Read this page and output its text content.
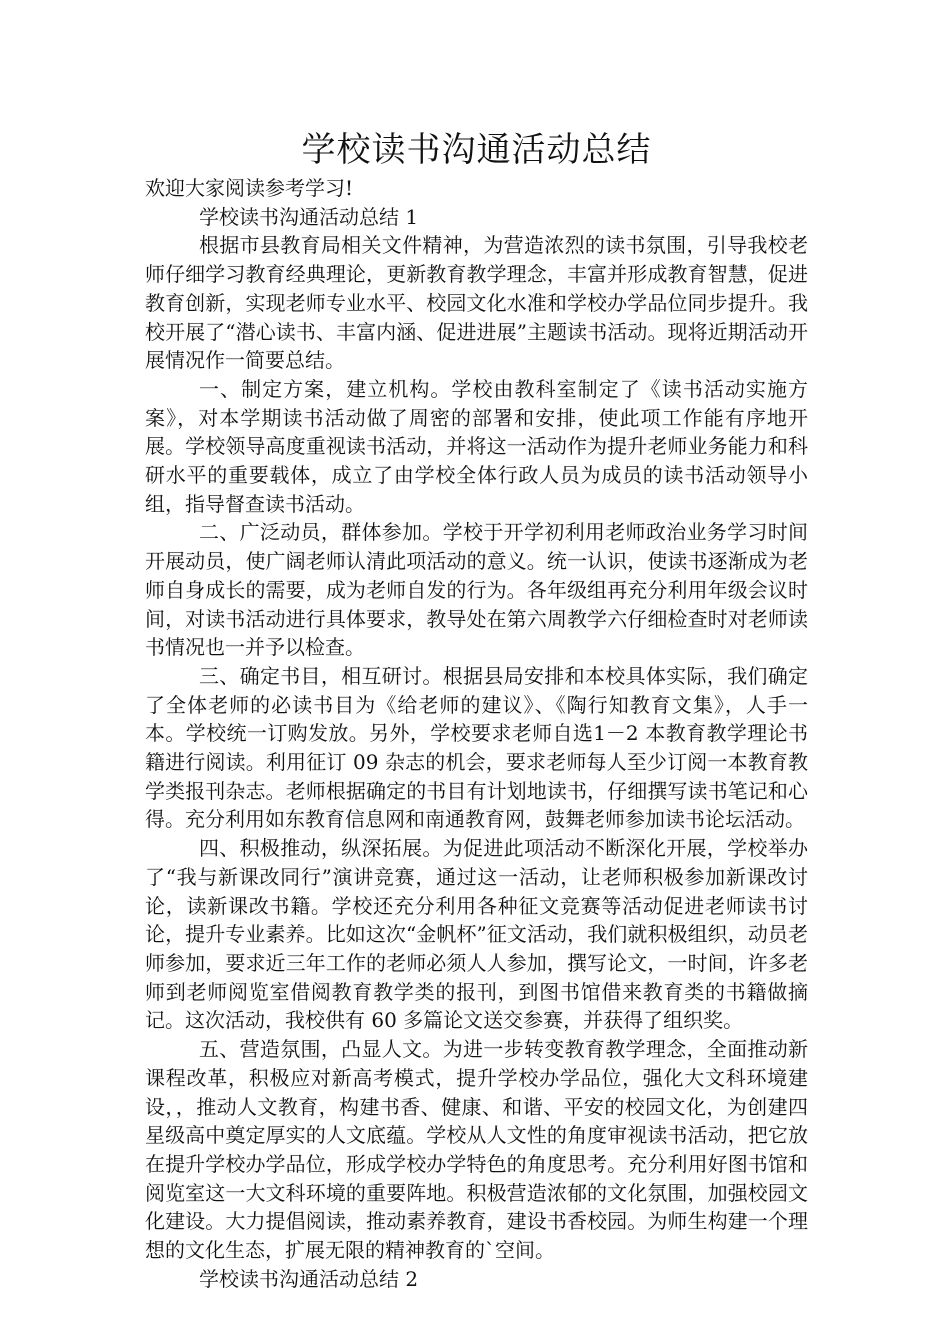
学校读书沟通活动总结

欢迎大家阅读参考学习!

学校读书沟通活动总结 1

根据市县教育局相关文件精神，为营造浓烈的读书氛围，引导我校老师仔细学习教育经典理论，更新教育教学理念，丰富并形成教育智慧，促进教育创新，实现老师专业水平、校园文化水准和学校办学品位同步提升。我校开展了“潜心读书、丰富内涵、促进进展”主题读书活动。现将近期活动开展情况作一简要总结。

一、制定方案，建立机构。学校由教科室制定了《读书活动实施方案》，对本学期读书活动做了周密的部署和安排，使此项工作能有序地开展。学校领导高度重视读书活动，并将这一活动作为提升老师业务能力和科研水平的重要载体，成立了由学校全体行政人员为成员的读书活动领导小组，指导督查读书活动。

二、广泛动员，群体参加。学校于开学初利用老师政治业务学习时间开展动员，使广阔老师认清此项活动的意义。统一认识，使读书逐渐成为老师自身成长的需要，成为老师自发的行为。各年级组再充分利用年级会议时间，对读书活动进行具体要求，教导处在第六周教学六仔细检查时对老师读书情况也一并予以检查。

三、确定书目，相互研讨。根据县局安排和本校具体实际，我们确定了全体老师的必读书目为《给老师的建议》、《陶行知教育文集》，人手一本。学校统一订购发放。另外，学校要求老师自选1－2 本教育教学理论书籍进行阅读。利用征订 09 杂志的机会，要求老师每人至少订阅一本教育教学类报刊杂志。老师根据确定的书目有计划地读书，仔细撰写读书笔记和心得。充分利用如东教育信息网和南通教育网，鼓舞老师参加读书论坛活动。

四、积极推动，纵深拓展。为促进此项活动不断深化开展，学校举办了“我与新课改同行”演讲竞赛，通过这一活动，让老师积极参加新课改讨论，读新课改书籍。学校还充分利用各种征文竞赛等活动促进老师读书讨论，提升专业素养。比如这次“金帆杯”征文活动，我们就积极组织，动员老师参加，要求近三年工作的老师必须人人参加，撰写论文，一时间，许多老师到老师阅览室借阅教育教学类的报刊，到图书馆借来教育类的书籍做摘记。这次活动，我校供有 60 多篇论文送交参赛，并获得了组织奖。

五、营造氛围，凸显人文。为进一步转变教育教学理念，全面推动新课程改革，积极应对新高考模式，提升学校办学品位，强化大文科环境建设，，推动人文教育，构建书香、健康、和谐、平安的校园文化，为创建四星级高中奠定厚实的人文底蕴。学校从人文性的角度审视读书活动，把它放在提升学校办学品位，形成学校办学特色的角度思考。充分利用好图书馆和阅览室这一大文科环境的重要阵地。积极营造浓郁的文化氛围，加强校园文化建设。大力提倡阅读，推动素养教育，建设书香校园。为师生构建一个理想的文化生态，扩展无限的精神教育的`空间。

学校读书沟通活动总结 2
